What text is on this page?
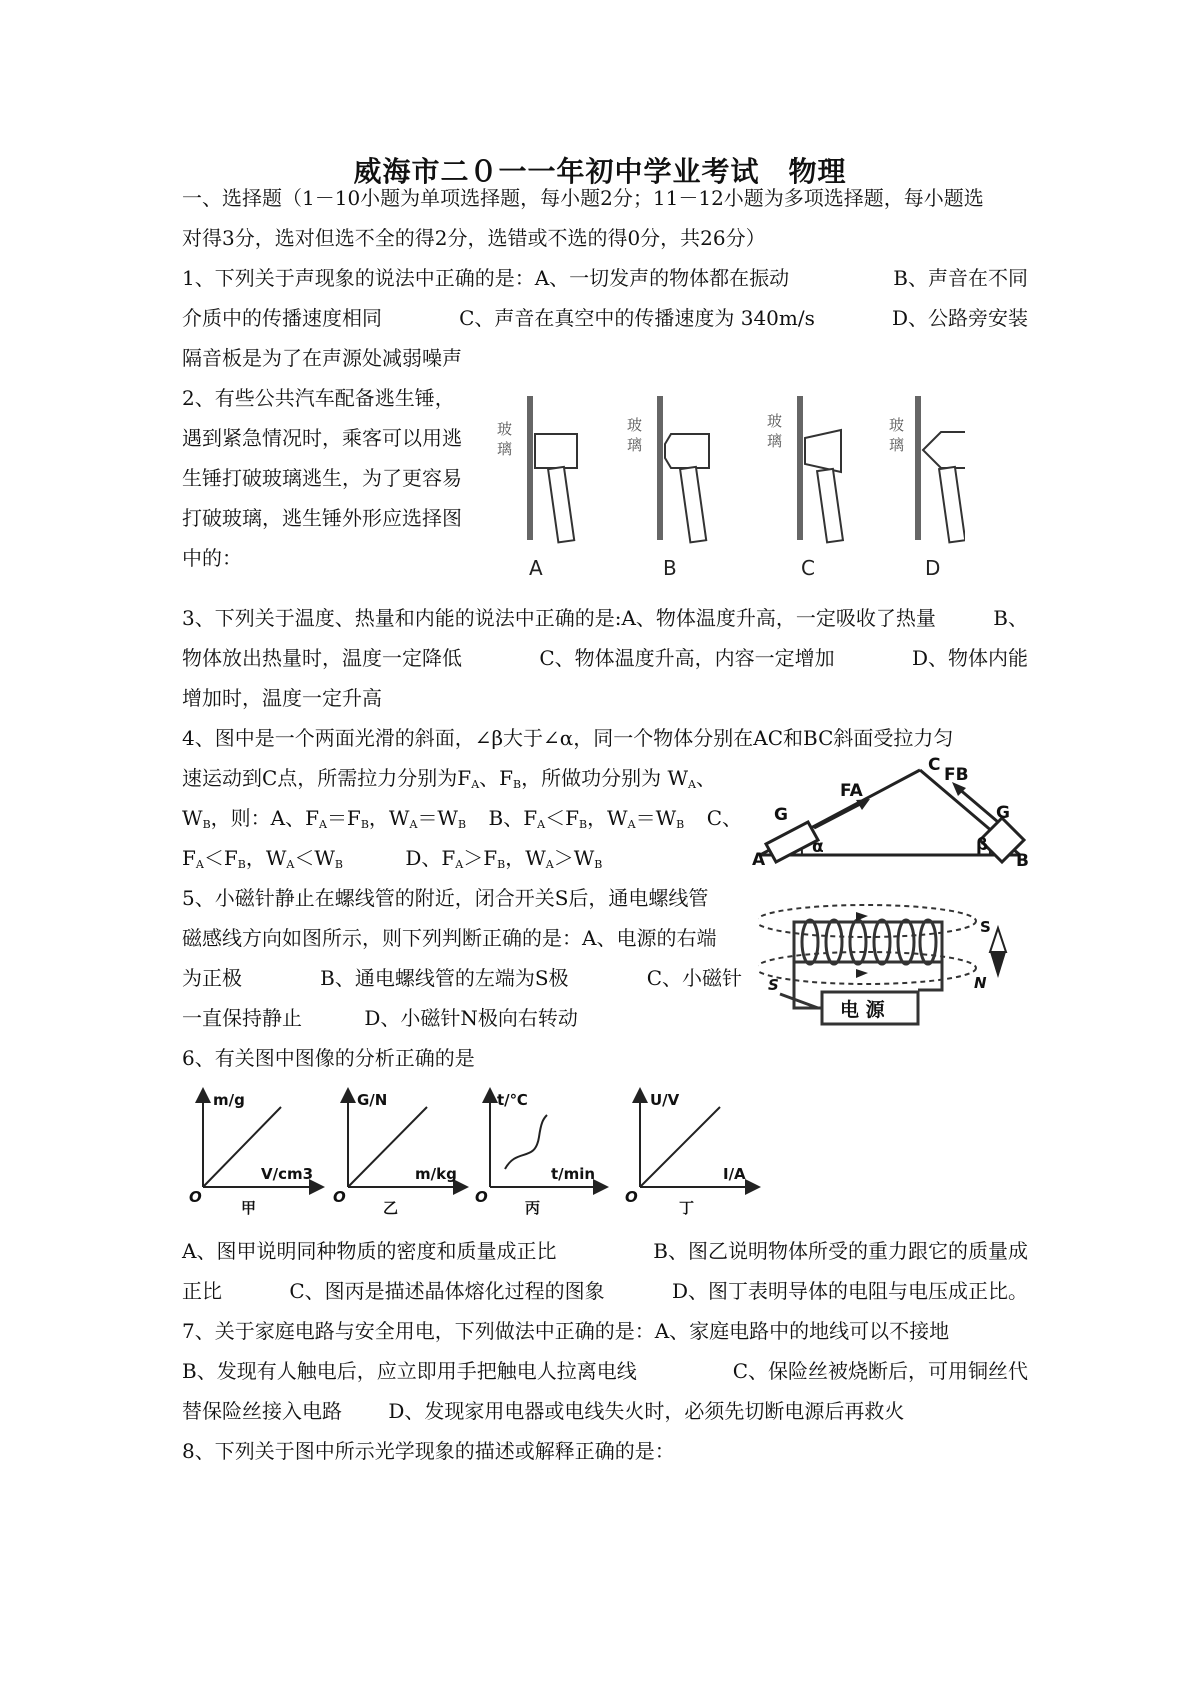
威海市二０一一年初中学业考试　物理
一、选择题（1－10小题为单项选择题，每小题2分；11－12小题为多项选择题，每小题选
对得3分，选对但选不全的得2分，选错或不选的得0分，共26分）
1、下列关于声现象的说法中正确的是：A、一切发声的物体都在振动	B、声音在不同
介质中的传播速度相同	C、声音在真空中的传播速度为 340m/s	D、公路旁安装
隔音板是为了在声源处减弱噪声
2、有些公共汽车配备逃生锤，
遇到紧急情况时，乘客可以用逃
生锤打破玻璃逃生，为了更容易
打破玻璃，逃生锤外形应选择图
中的：
玻
璃
玻
璃
玻
璃
玻
璃
A	B	C	D
3、下列关于温度、热量和内能的说法中正确的是:A、物体温度升高，一定吸收了热量	B、
物体放出热量时，温度一定降低	C、物体温度升高，内容一定增加	D、物体内能
增加时，温度一定升高
4、图中是一个两面光滑的斜面，∠β大于∠α，同一个物体分别在AC和BC斜面受拉力匀
速运动到C点，所需拉力分别为$F_A$、$F_B$，所做功分别为 $W_A$、
$W_B$，则：A、$F_A=F_B$，$W_A=W_B$ B、$F_A<F_B$，$W_A=W_B$ C、
$F_A<F_B$，$W_A<W_B$	D、$F_A>F_B$，$W_A>W_B$
G
FA
C FB
G
α	β
A	B
5、小磁针静止在螺线管的附近，闭合开关S后，通电螺线管
磁感线方向如图所示，则下列判断正确的是：A、电源的右端
为正极	B、通电螺线管的左端为S极	C、小磁针
一直保持静止	D、小磁针N极向右转动
S
N
S
电 源
6、有关图中图像的分析正确的是
m/g
V/cm3
O
甲
G/N
m/kg
O
乙
t/℃
t/min
O
丙
U/V
I/A
O
丁
A、图甲说明同种物质的密度和质量成正比	B、图乙说明物体所受的重力跟它的质量成
正比	C、图丙是描述晶体熔化过程的图象	D、图丁表明导体的电阻与电压成正比。
7、关于家庭电路与安全用电，下列做法中正确的是：A、家庭电路中的地线可以不接地
B、发现有人触电后，应立即用手把触电人拉离电线	C、保险丝被烧断后，可用铜丝代
替保险丝接入电路 D、发现家用电器或电线失火时，必须先切断电源后再救火
8、下列关于图中所示光学现象的描述或解释正确的是：
